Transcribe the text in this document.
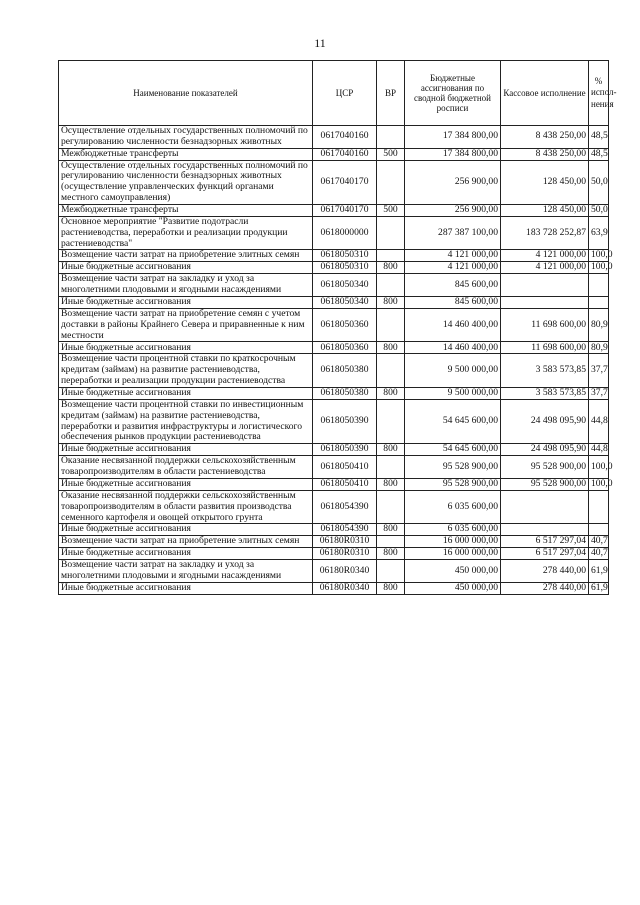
11
Наименование показателей	ЦСР	ВР	Бюджетные ассигнования по сводной бюджетной росписи	Кассовое исполнение	% испол-нения
Осуществление отдельных государственных полномочий по регулированию численности безнадзорных животных	0617040160		17 384 800,00	8 438 250,00	48,5
Межбюджетные трансферты	0617040160	500	17 384 800,00	8 438 250,00	48,5
Осуществление отдельных государственных полномочий по регулированию численности безнадзорных животных (осуществление управленческих функций органами местного самоуправления)	0617040170		256 900,00	128 450,00	50,0
Межбюджетные трансферты	0617040170	500	256 900,00	128 450,00	50,0
Основное мероприятие "Развитие подотрасли растениеводства, переработки и реализации продукции растениеводства"	0618000000		287 387 100,00	183 728 252,87	63,9
Возмещение части затрат на приобретение элитных семян	0618050310		4 121 000,00	4 121 000,00	100,0
Иные бюджетные ассигнования	0618050310	800	4 121 000,00	4 121 000,00	100,0
Возмещение части затрат на закладку и уход за многолетними плодовыми и ягодными насаждениями	0618050340		845 600,00		
Иные бюджетные ассигнования	0618050340	800	845 600,00		
Возмещение части затрат на приобретение семян с учетом доставки в районы Крайнего Севера и приравненные к ним местности	0618050360		14 460 400,00	11 698 600,00	80,9
Иные бюджетные ассигнования	0618050360	800	14 460 400,00	11 698 600,00	80,9
Возмещение части процентной ставки по краткосрочным кредитам (займам) на развитие растениеводства, переработки и реализации продукции растениеводства	0618050380		9 500 000,00	3 583 573,85	37,7
Иные бюджетные ассигнования	0618050380	800	9 500 000,00	3 583 573,85	37,7
Возмещение части процентной ставки по инвестиционным кредитам (займам) на развитие растениеводства, переработки и развития инфраструктуры и логистического обеспечения рынков продукции растениеводства	0618050390		54 645 600,00	24 498 095,90	44,8
Иные бюджетные ассигнования	0618050390	800	54 645 600,00	24 498 095,90	44,8
Оказание несвязанной поддержки сельскохозяйственным товаропроизводителям в области растениеводства	0618050410		95 528 900,00	95 528 900,00	100,0
Иные бюджетные ассигнования	0618050410	800	95 528 900,00	95 528 900,00	100,0
Оказание несвязанной поддержки сельскохозяйственным товаропроизводителям в области развития производства семенного картофеля и овощей открытого грунта	0618054390		6 035 600,00		
Иные бюджетные ассигнования	0618054390	800	6 035 600,00		
Возмещение части затрат на приобретение элитных семян	06180R0310		16 000 000,00	6 517 297,04	40,7
Иные бюджетные ассигнования	06180R0310	800	16 000 000,00	6 517 297,04	40,7
Возмещение части затрат на закладку и уход за многолетними плодовыми и ягодными насаждениями	06180R0340		450 000,00	278 440,00	61,9
Иные бюджетные ассигнования	06180R0340	800	450 000,00	278 440,00	61,9
